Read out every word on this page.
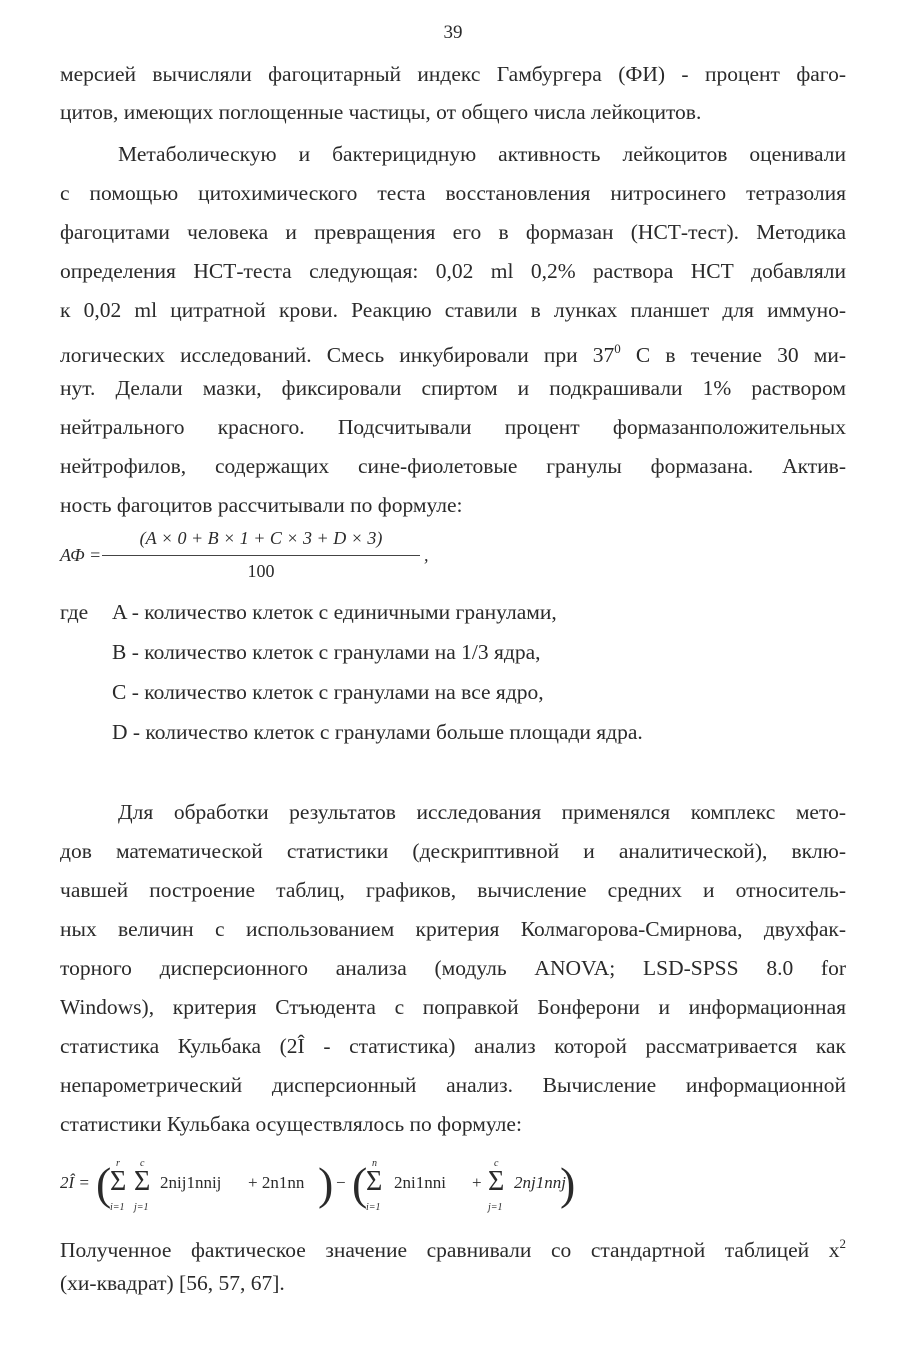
39
мерсией вычисляли фагоцитарный индекс Гамбургера (ФИ) - процент фаго-
цитов, имеющих поглощенные частицы, от общего числа лейкоцитов.
Метаболическую и бактерицидную активность лейкоцитов оценивали
с помощью цитохимического теста восстановления нитросинего тетразолия
фагоцитами человека и превращения его в формазан (НСТ-тест). Методика
определения НСТ-теста следующая: 0,02 ml 0,2% раствора НСТ добавляли
к 0,02 ml цитратной крови. Реакцию ставили в лунках планшет для иммуно-
логических исследований. Смесь инкубировали при $37^0$ С в течение 30 ми-
нут. Делали мазки, фиксировали спиртом и подкрашивали 1% раствором
нейтрального красного. Подсчитывали процент формазанположительных
нейтрофилов, содержащих сине-фиолетовые гранулы формазана. Актив-
ность фагоцитов рассчитывали по формуле:
АФ =
(A × 0 + B × 1 + C × 3 + D × 3)
100
,
где	A - количество клеток с единичными гранулами,
B - количество клеток с гранулами на 1/3 ядра,
C - количество клеток с гранулами на все ядро,
D - количество клеток с гранулами больше площади ядра.
Для обработки результатов исследования применялся комплекс мето-
дов математической статистики (дескриптивной и аналитической), вклю-
чавшей построение таблиц, графиков, вычисление средних и относитель-
ных величин с использованием критерия Колмагорова-Смирнова, двухфак-
торного дисперсионного анализа (модуль ANOVA; LSD-SPSS 8.0 for
Windows), критерия Стъюдента с поправкой Бонферони и информационная
статистика Кульбака (2Î - статистика) анализ которой рассматривается как
непарометрический дисперсионный анализ. Вычисление информационной
статистики Кульбака осуществлялось по формуле:
2Î = ( r
Σ
i=1
c
Σ
j=1
2nij1nnij + 2n1nn ) − ( n
Σ
i=1
2ni1nni +
c
Σ
j=1
2nj1nnj
)
Полученное фактическое значение сравнивали со стандартной таблицей $x^2$
(хи-квадрат) [56, 57, 67].
